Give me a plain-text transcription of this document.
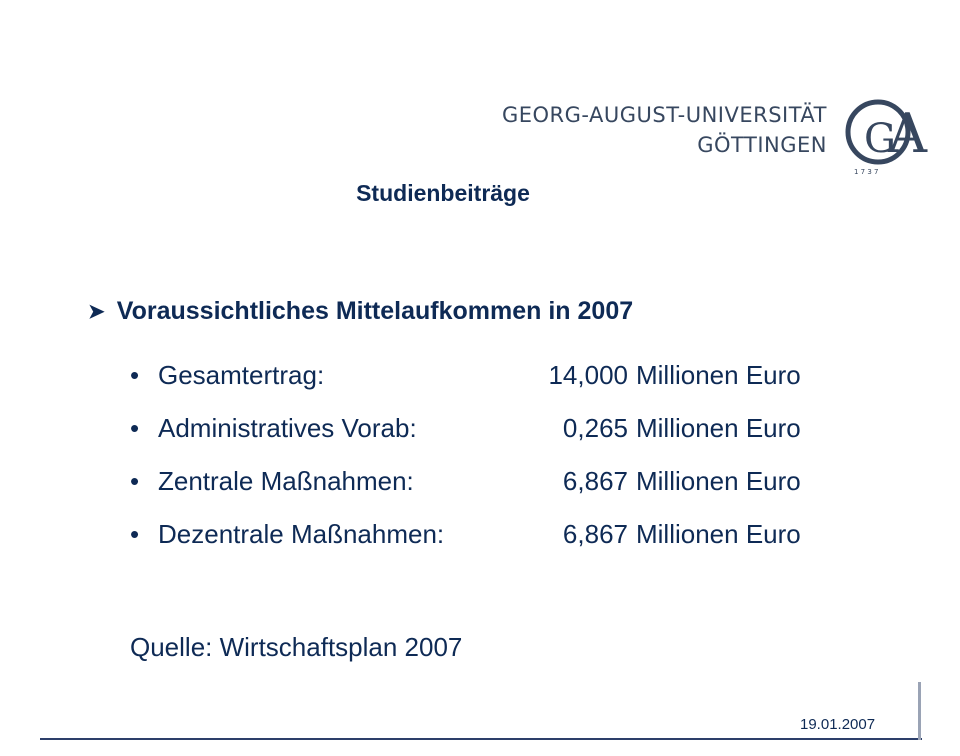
GEORG-AUGUST-UNIVERSITÄT
GÖTTINGEN A
G
1 7 3 7
Studienbeiträge
➤ Voraussichtliches Mittelaufkommen in 2007
• Gesamtertrag:	14,000 Millionen Euro
• Administratives Vorab:	0,265 Millionen Euro
• Zentrale Maßnahmen:	6,867 Millionen Euro
• Dezentrale Maßnahmen:	6,867 Millionen Euro
Quelle: Wirtschaftsplan 2007
19.01.2007
